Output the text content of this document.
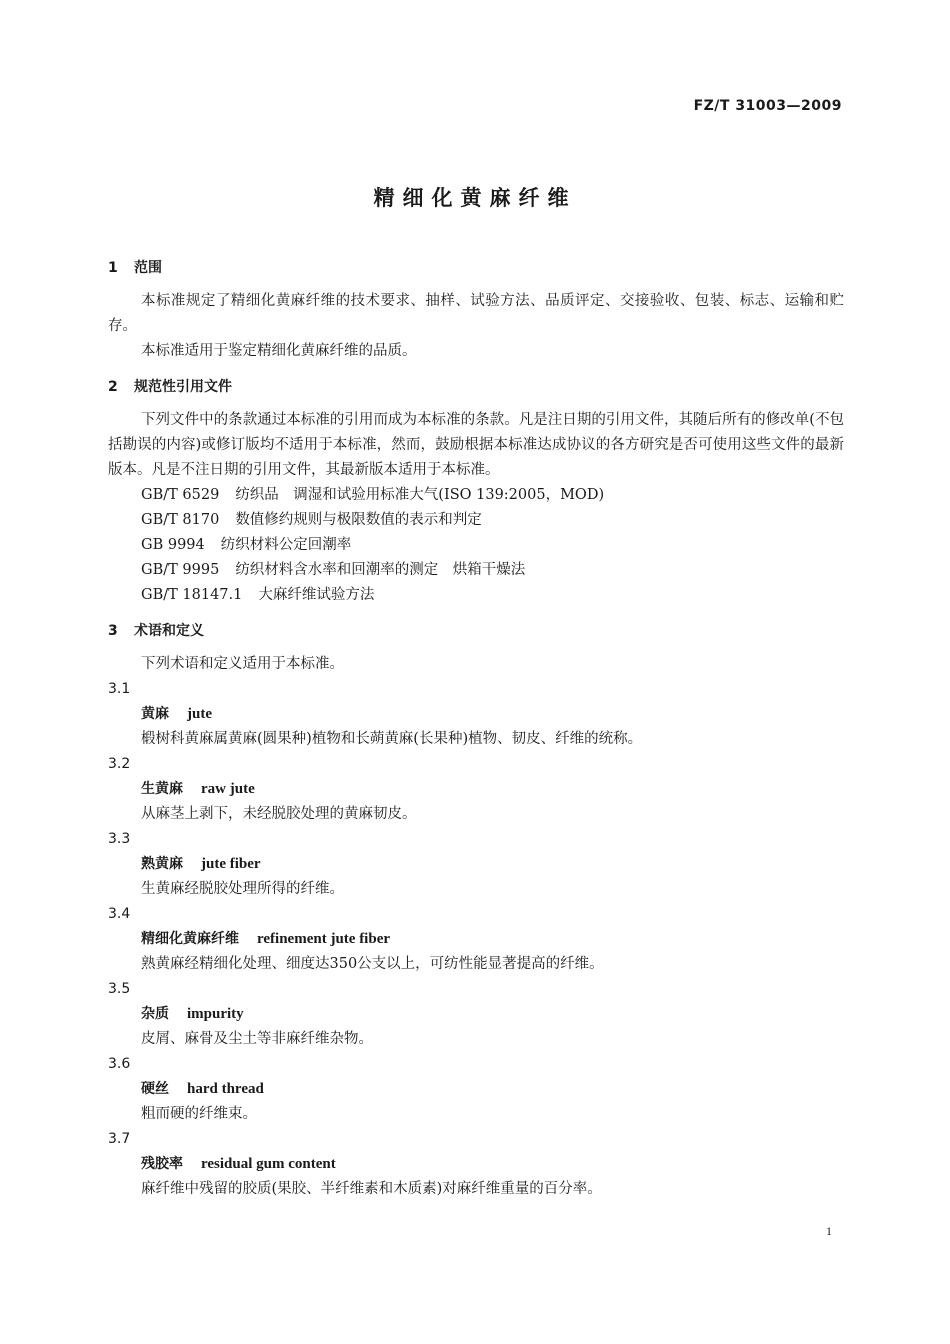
FZ/T 31003—2009
精细化黄麻纤维
1 范围
本标准规定了精细化黄麻纤维的技术要求、抽样、试验方法、品质评定、交接验收、包装、标志、运输和贮存。
本标准适用于鉴定精细化黄麻纤维的品质。
2 规范性引用文件
下列文件中的条款通过本标准的引用而成为本标准的条款。凡是注日期的引用文件，其随后所有的修改单(不包括勘误的内容)或修订版均不适用于本标准，然而，鼓励根据本标准达成协议的各方研究是否可使用这些文件的最新版本。凡是不注日期的引用文件，其最新版本适用于本标准。
GB/T 6529 纺织品　调湿和试验用标准大气(ISO 139:2005，MOD)
GB/T 8170 数值修约规则与极限数值的表示和判定
GB 9994 纺织材料公定回潮率
GB/T 9995 纺织材料含水率和回潮率的测定　烘箱干燥法
GB/T 18147.1 大麻纤维试验方法
3 术语和定义
下列术语和定义适用于本标准。
3.1
黄麻 jute
椴树科黄麻属黄麻(圆果种)植物和长蒴黄麻(长果种)植物、韧皮、纤维的统称。
3.2
生黄麻 raw jute
从麻茎上剥下，未经脱胶处理的黄麻韧皮。
3.3
熟黄麻 jute fiber
生黄麻经脱胶处理所得的纤维。
3.4
精细化黄麻纤维 refinement jute fiber
熟黄麻经精细化处理、细度达350公支以上，可纺性能显著提高的纤维。
3.5
杂质 impurity
皮屑、麻骨及尘土等非麻纤维杂物。
3.6
硬丝 hard thread
粗而硬的纤维束。
3.7
残胶率 residual gum content
麻纤维中残留的胶质(果胶、半纤维素和木质素)对麻纤维重量的百分率。
1
